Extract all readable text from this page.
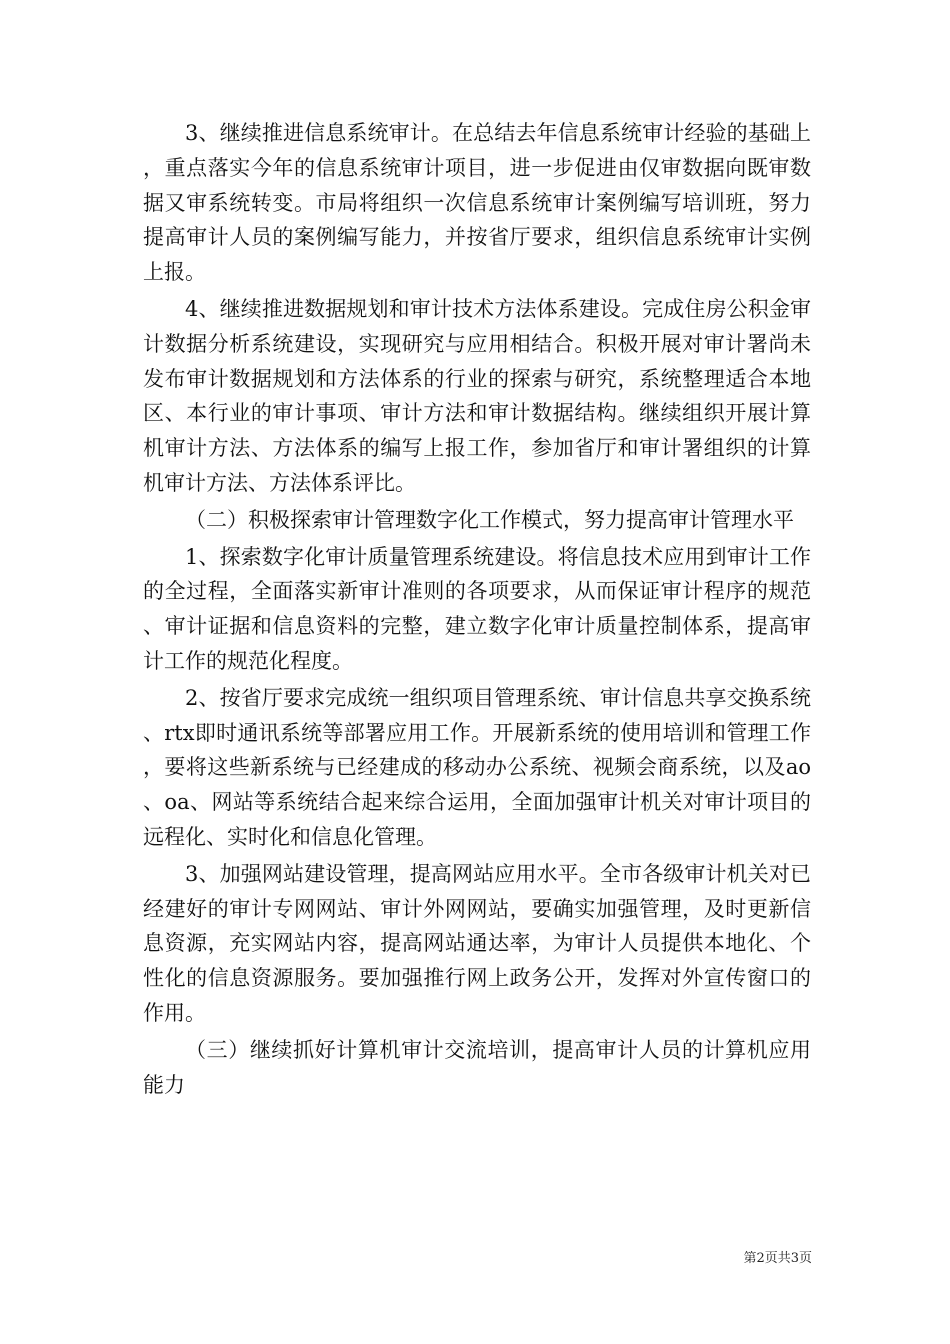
3、继续推进信息系统审计。在总结去年信息系统审计经验的基础上，重点落实今年的信息系统审计项目，进一步促进由仅审数据向既审数据又审系统转变。市局将组织一次信息系统审计案例编写培训班，努力提高审计人员的案例编写能力，并按省厅要求，组织信息系统审计实例上报。

4、继续推进数据规划和审计技术方法体系建设。完成住房公积金审计数据分析系统建设，实现研究与应用相结合。积极开展对审计署尚未发布审计数据规划和方法体系的行业的探索与研究，系统整理适合本地区、本行业的审计事项、审计方法和审计数据结构。继续组织开展计算机审计方法、方法体系的编写上报工作，参加省厅和审计署组织的计算机审计方法、方法体系评比。

（二）积极探索审计管理数字化工作模式，努力提高审计管理水平

1、探索数字化审计质量管理系统建设。将信息技术应用到审计工作的全过程，全面落实新审计准则的各项要求，从而保证审计程序的规范、审计证据和信息资料的完整，建立数字化审计质量控制体系，提高审计工作的规范化程度。

2、按省厅要求完成统一组织项目管理系统、审计信息共享交换系统、rtx即时通讯系统等部署应用工作。开展新系统的使用培训和管理工作，要将这些新系统与已经建成的移动办公系统、视频会商系统，以及ao、oa、网站等系统结合起来综合运用，全面加强审计机关对审计项目的远程化、实时化和信息化管理。

3、加强网站建设管理，提高网站应用水平。全市各级审计机关对已经建好的审计专网网站、审计外网网站，要确实加强管理，及时更新信息资源，充实网站内容，提高网站通达率，为审计人员提供本地化、个性化的信息资源服务。要加强推行网上政务公开，发挥对外宣传窗口的作用。

（三）继续抓好计算机审计交流培训，提高审计人员的计算机应用能力

第2页共3页
